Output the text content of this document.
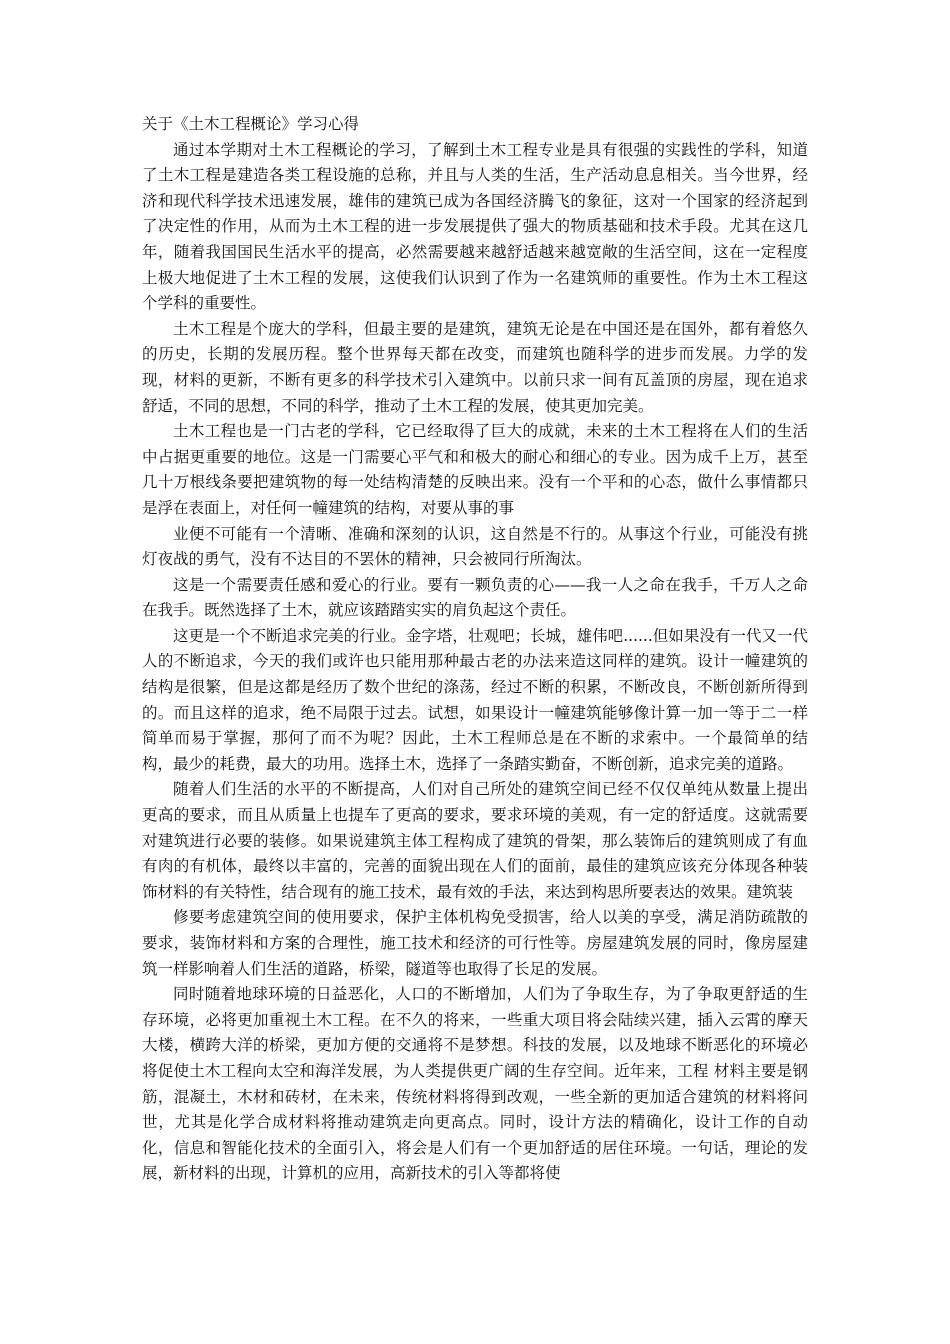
关于《土木工程概论》学习心得

通过本学期对土木工程概论的学习，了解到土木工程专业是具有很强的实践性的学科，知道了土木工程是建造各类工程设施的总称，并且与人类的生活，生产活动息息相关。当今世界，经济和现代科学技术迅速发展，雄伟的建筑已成为各国经济腾飞的象征，这对一个国家的经济起到了决定性的作用，从而为土木工程的进一步发展提供了强大的物质基础和技术手段。尤其在这几年，随着我国国民生活水平的提高，必然需要越来越舒适越来越宽敞的生活空间，这在一定程度上极大地促进了土木工程的发展，这使我们认识到了作为一名建筑师的重要性。作为土木工程这个学科的重要性。

土木工程是个庞大的学科，但最主要的是建筑，建筑无论是在中国还是在国外，都有着悠久的历史，长期的发展历程。整个世界每天都在改变，而建筑也随科学的进步而发展。力学的发现，材料的更新，不断有更多的科学技术引入建筑中。以前只求一间有瓦盖顶的房屋，现在追求舒适，不同的思想，不同的科学，推动了土木工程的发展，使其更加完美。

土木工程也是一门古老的学科，它已经取得了巨大的成就，未来的土木工程将在人们的生活中占据更重要的地位。这是一门需要心平气和和极大的耐心和细心的专业。因为成千上万，甚至几十万根线条要把建筑物的每一处结构清楚的反映出来。没有一个平和的心态，做什么事情都只是浮在表面上，对任何一幢建筑的结构，对要从事的事

业便不可能有一个清晰、准确和深刻的认识，这自然是不行的。从事这个行业，可能没有挑灯夜战的勇气，没有不达目的不罢休的精神，只会被同行所淘汰。

这是一个需要责任感和爱心的行业。要有一颗负责的心——我一人之命在我手，千万人之命在我手。既然选择了土木，就应该踏踏实实的肩负起这个责任。

这更是一个不断追求完美的行业。金字塔，壮观吧；长城，雄伟吧......但如果没有一代又一代人的不断追求，今天的我们或许也只能用那种最古老的办法来造这同样的建筑。设计一幢建筑的结构是很繁，但是这都是经历了数个世纪的涤荡，经过不断的积累，不断改良，不断创新所得到的。而且这样的追求，绝不局限于过去。试想，如果设计一幢建筑能够像计算一加一等于二一样简单而易于掌握，那何了而不为呢？因此，土木工程师总是在不断的求索中。一个最简单的结构，最少的耗费，最大的功用。选择土木，选择了一条踏实勤奋，不断创新，追求完美的道路。

随着人们生活的水平的不断提高，人们对自己所处的建筑空间已经不仅仅单纯从数量上提出更高的要求，而且从质量上也提车了更高的要求，要求环境的美观，有一定的舒适度。这就需要对建筑进行必要的装修。如果说建筑主体工程构成了建筑的骨架，那么装饰后的建筑则成了有血有肉的有机体，最终以丰富的，完善的面貌出现在人们的面前，最佳的建筑应该充分体现各种装饰材料的有关特性，结合现有的施工技术，最有效的手法，来达到构思所要表达的效果。建筑装

修要考虑建筑空间的使用要求，保护主体机构免受损害，给人以美的享受，满足消防疏散的要求，装饰材料和方案的合理性，施工技术和经济的可行性等。房屋建筑发展的同时，像房屋建筑一样影响着人们生活的道路，桥梁，隧道等也取得了长足的发展。

同时随着地球环境的日益恶化，人口的不断增加，人们为了争取生存，为了争取更舒适的生存环境，必将更加重视土木工程。在不久的将来，一些重大项目将会陆续兴建，插入云霄的摩天大楼，横跨大洋的桥梁，更加方便的交通将不是梦想。科技的发展，以及地球不断恶化的环境必将促使土木工程向太空和海洋发展，为人类提供更广阔的生存空间。近年来，工程 材料主要是钢筋，混凝土，木材和砖材，在未来，传统材料将得到改观，一些全新的更加适合建筑的材料将问世，尤其是化学合成材料将推动建筑走向更高点。同时，设计方法的精确化，设计工作的自动化，信息和智能化技术的全面引入，将会是人们有一个更加舒适的居住环境。一句话，理论的发展，新材料的出现，计算机的应用，高新技术的引入等都将使
